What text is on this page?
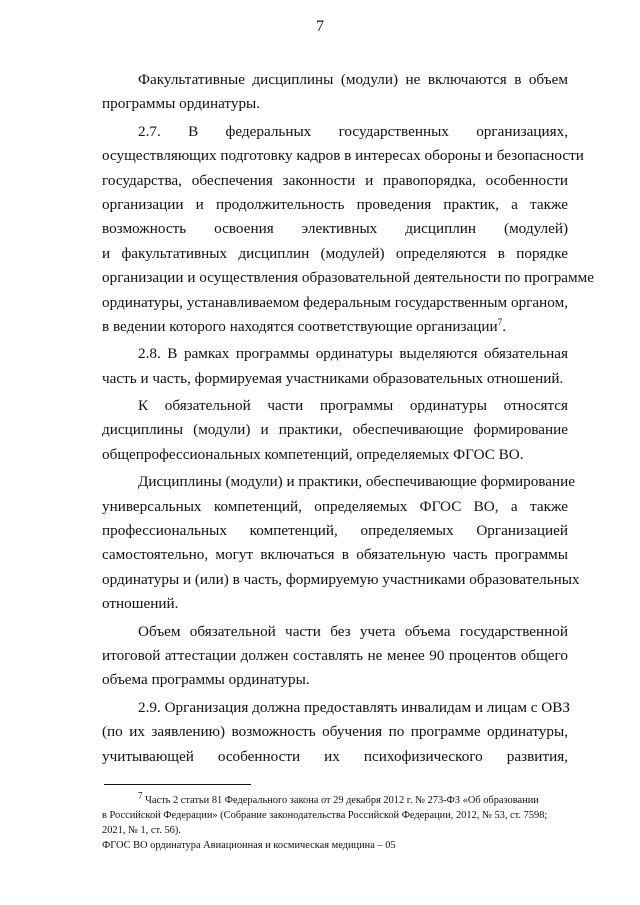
7
Факультативные дисциплины (модули) не включаются в объем
программы ординатуры.
2.7. В федеральных государственных организациях,
осуществляющих подготовку кадров в интересах обороны и безопасности
государства, обеспечения законности и правопорядка, особенности
организации и продолжительность проведения практик, а также
возможность освоения элективных дисциплин (модулей)
и факультативных дисциплин (модулей) определяются в порядке
организации и осуществления образовательной деятельности по программе
ординатуры, устанавливаемом федеральным государственным органом,
в ведении которого находятся соответствующие организации$^7$.
2.8. В рамках программы ординатуры выделяются обязательная
часть и часть, формируемая участниками образовательных отношений.
К обязательной части программы ординатуры относятся
дисциплины (модули) и практики, обеспечивающие формирование
общепрофессиональных компетенций, определяемых ФГОС ВО.
Дисциплины (модули) и практики, обеспечивающие формирование
универсальных компетенций, определяемых ФГОС ВО, а также
профессиональных компетенций, определяемых Организацией
самостоятельно, могут включаться в обязательную часть программы
ординатуры и (или) в часть, формируемую участниками образовательных
отношений.
Объем обязательной части без учета объема государственной
итоговой аттестации должен составлять не менее 90 процентов общего
объема программы ординатуры.
2.9. Организация должна предоставлять инвалидам и лицам с ОВЗ
(по их заявлению) возможность обучения по программе ординатуры,
учитывающей особенности их психофизического развития,
$^7$ Часть 2 статьи 81 Федерального закона от 29 декабря 2012 г. № 273-ФЗ «Об образовании
в Российской Федерации» (Собрание законодательства Российской Федерации, 2012, № 53, ст. 7598;
2021, № 1, ст. 56).
ФГОС ВО ординатура Авиационная и космическая медицина – 05
